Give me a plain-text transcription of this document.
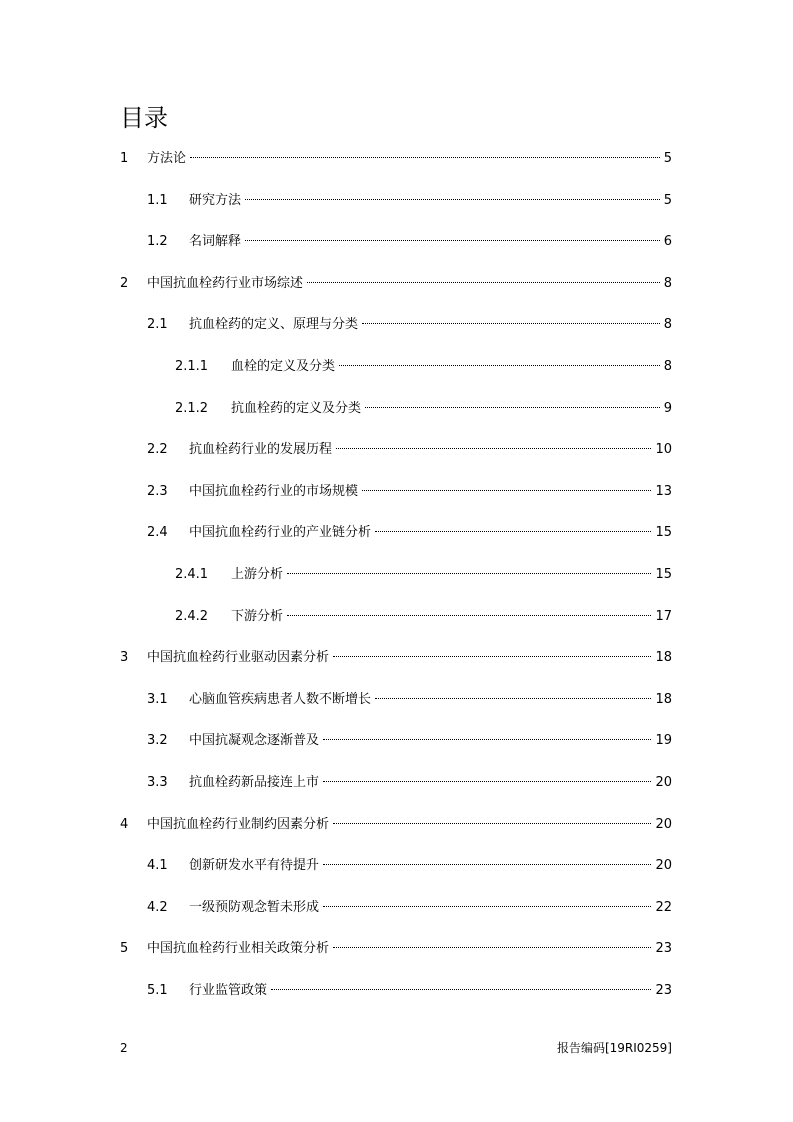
目录
1	方法论	5
1.1	研究方法	5
1.2	名词解释	6
2	中国抗血栓药行业市场综述	8
2.1	抗血栓药的定义、原理与分类	8
2.1.1	血栓的定义及分类	8
2.1.2	抗血栓药的定义及分类	9
2.2	抗血栓药行业的发展历程	10
2.3	中国抗血栓药行业的市场规模	13
2.4	中国抗血栓药行业的产业链分析	15
2.4.1	上游分析	15
2.4.2	下游分析	17
3	中国抗血栓药行业驱动因素分析	18
3.1	心脑血管疾病患者人数不断增长	18
3.2	中国抗凝观念逐渐普及	19
3.3	抗血栓药新品接连上市	20
4	中国抗血栓药行业制约因素分析	20
4.1	创新研发水平有待提升	20
4.2	一级预防观念暂未形成	22
5	中国抗血栓药行业相关政策分析	23
5.1	行业监管政策	23
2	报告编码[19RI0259]
